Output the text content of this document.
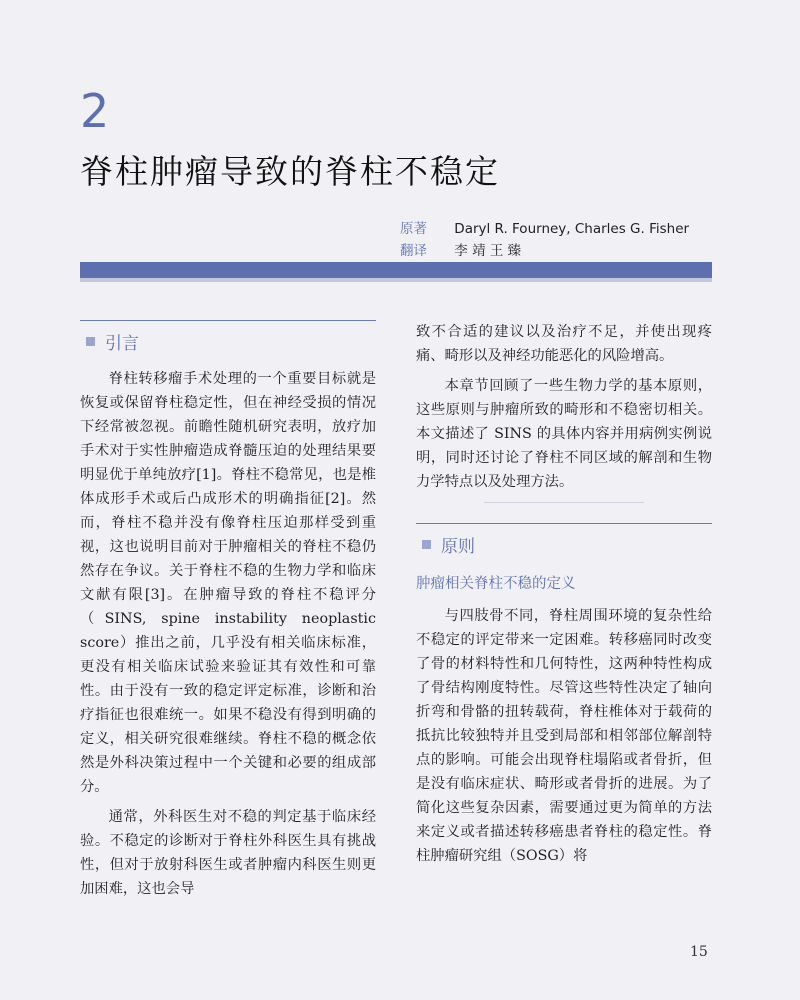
2
脊柱肿瘤导致的脊柱不稳定
原著 Daryl R. Fourney, Charles G. Fisher
翻译 李 靖 王 臻
引言

脊柱转移瘤手术处理的一个重要目标就是恢复或保留脊柱稳定性，但在神经受损的情况下经常被忽视。前瞻性随机研究表明，放疗加手术对于实性肿瘤造成脊髓压迫的处理结果要明显优于单纯放疗[1]。脊柱不稳常见，也是椎体成形手术或后凸成形术的明确指征[2]。然而，脊柱不稳并没有像脊柱压迫那样受到重视，这也说明目前对于肿瘤相关的脊柱不稳仍然存在争议。关于脊柱不稳的生物力学和临床文献有限[3]。在肿瘤导致的脊柱不稳评分（SINS, spine instability neoplastic score）推出之前，几乎没有相关临床标准，更没有相关临床试验来验证其有效性和可靠性。由于没有一致的稳定评定标准，诊断和治疗指征也很难统一。如果不稳没有得到明确的定义，相关研究很难继续。脊柱不稳的概念依然是外科决策过程中一个关键和必要的组成部分。

通常，外科医生对不稳的判定基于临床经验。不稳定的诊断对于脊柱外科医生具有挑战性，但对于放射科医生或者肿瘤内科医生则更加困难，这也会导

致不合适的建议以及治疗不足，并使出现疼痛、畸形以及神经功能恶化的风险增高。

本章节回顾了一些生物力学的基本原则，这些原则与肿瘤所致的畸形和不稳密切相关。本文描述了 SINS 的具体内容并用病例实例说明，同时还讨论了脊柱不同区域的解剖和生物力学特点以及处理方法。

原则
肿瘤相关脊柱不稳的定义

与四肢骨不同，脊柱周围环境的复杂性给不稳定的评定带来一定困难。转移癌同时改变了骨的材料特性和几何特性，这两种特性构成了骨结构刚度特性。尽管这些特性决定了轴向折弯和骨骼的扭转载荷，脊柱椎体对于载荷的抵抗比较独特并且受到局部和相邻部位解剖特点的影响。可能会出现脊柱塌陷或者骨折，但是没有临床症状、畸形或者骨折的进展。为了简化这些复杂因素，需要通过更为简单的方法来定义或者描述转移癌患者脊柱的稳定性。脊柱肿瘤研究组（SOSG）将

15
